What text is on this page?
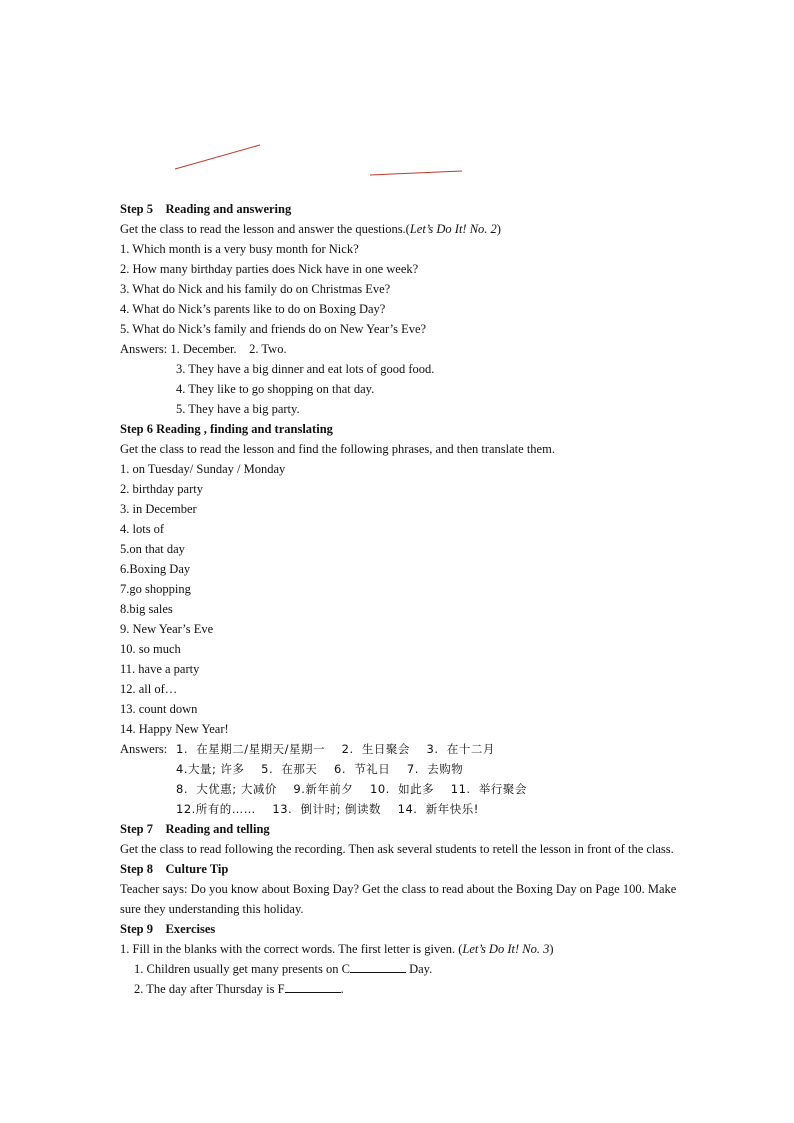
Step 5    Reading and answering
Get the class to read the lesson and answer the questions.(Let’s Do It! No. 2)
1. Which month is a very busy month for Nick?
2. How many birthday parties does Nick have in one week?
3. What do Nick and his family do on Christmas Eve?
4. What do Nick’s parents like to do on Boxing Day?
5. What do Nick’s family and friends do on New Year’s Eve?
Answers: 1. December.    2. Two.
3. They have a big dinner and eat lots of good food.
4. They like to go shopping on that day.
5. They have a big party.
Step 6 Reading , finding and translating
Get the class to read the lesson and find the following phrases, and then translate them.
1. on Tuesday/ Sunday / Monday
2. birthday party
3. in December
4. lots of
5.on that day
6.Boxing Day
7.go shopping
8.big sales
9. New Year’s Eve
10. so much
11. have a party
12. all of…
13. count down
14. Happy New Year!
Answers: 1.  在星期二/星期天/星期一    2.  生日聚会    3.  在十二月
4.大量; 许多    5.  在那天    6.  节礼日    7.  去购物
8.  大优惠; 大减价    9.新年前夕    10.  如此多    11.  举行聚会
12.所有的……    13.  倒计时; 倒读数    14.  新年快乐!
Step 7    Reading and telling
Get the class to read following the recording. Then ask several students to retell the lesson in front of the class.
Step 8    Culture Tip
Teacher says: Do you know about Boxing Day? Get the class to read about the Boxing Day on Page 100. Make sure they understanding this holiday.
Step 9    Exercises
1. Fill in the blanks with the correct words. The first letter is given. (Let’s Do It! No. 3)
1. Children usually get many presents on C	Day.
2. The day after Thursday is F	.
